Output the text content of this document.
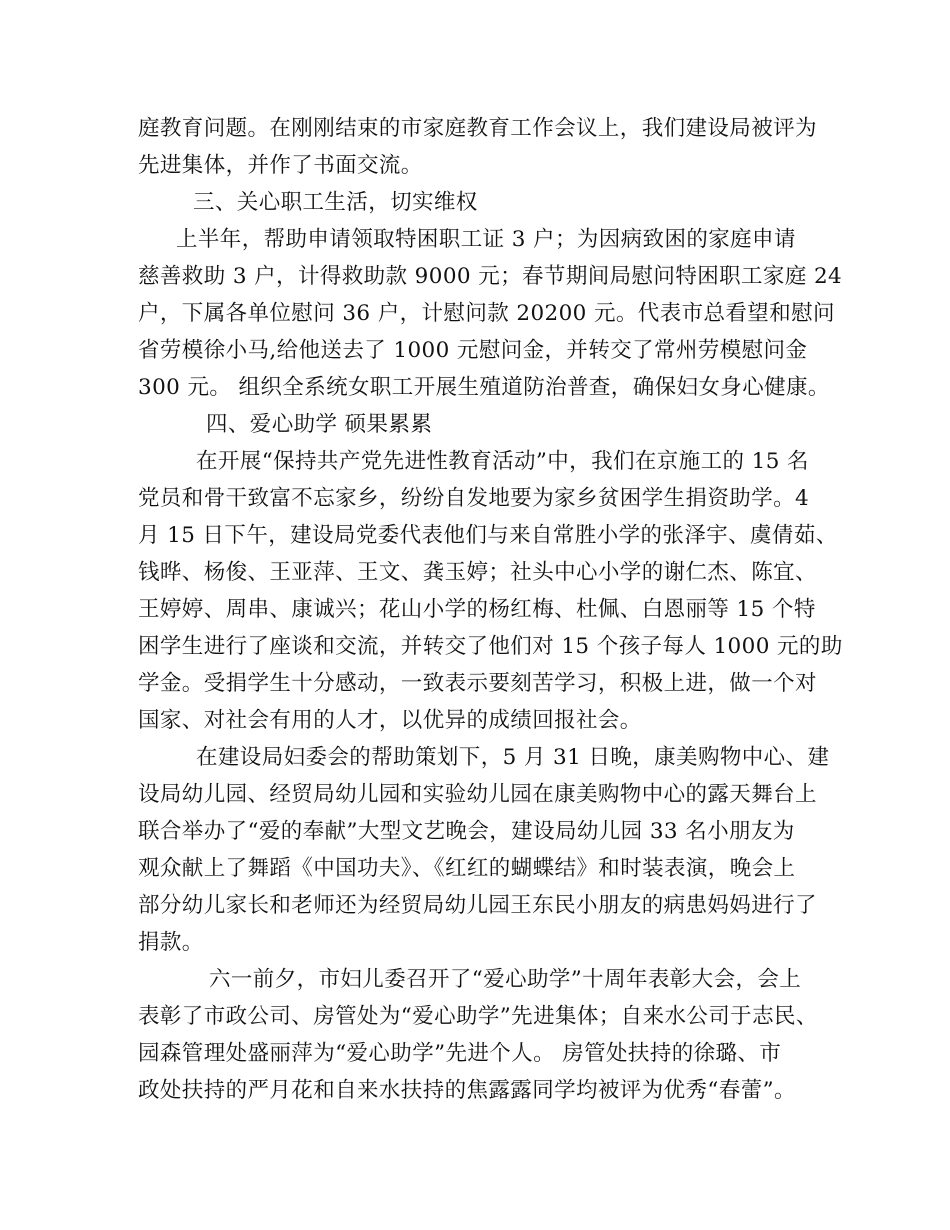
庭教育问题。在刚刚结束的市家庭教育工作会议上，我们建设局被评为
先进集体，并作了书面交流。
三、关心职工生活，切实维权
上半年，帮助申请领取特困职工证 3 户；为因病致困的家庭申请
慈善救助 3 户，计得救助款 9000 元；春节期间局慰问特困职工家庭 24
户，下属各单位慰问 36 户，计慰问款 20200 元。代表市总看望和慰问
省劳模徐小马,给他送去了 1000 元慰问金，并转交了常州劳模慰问金
300 元。 组织全系统女职工开展生殖道防治普查，确保妇女身心健康。
四、爱心助学 硕果累累
在开展“保持共产党先进性教育活动”中，我们在京施工的 15 名
党员和骨干致富不忘家乡，纷纷自发地要为家乡贫困学生捐资助学。4
月 15 日下午，建设局党委代表他们与来自常胜小学的张泽宇、虞倩茹、
钱晔、杨俊、王亚萍、王文、龚玉婷；社头中心小学的谢仁杰、陈宜、
王婷婷、周串、康诚兴；花山小学的杨红梅、杜佩、白恩丽等 15 个特
困学生进行了座谈和交流，并转交了他们对 15 个孩子每人 1000 元的助
学金。受捐学生十分感动，一致表示要刻苦学习，积极上进，做一个对
国家、对社会有用的人才，以优异的成绩回报社会。
在建设局妇委会的帮助策划下，5 月 31 日晚，康美购物中心、建
设局幼儿园、经贸局幼儿园和实验幼儿园在康美购物中心的露天舞台上
联合举办了“爱的奉献”大型文艺晚会，建设局幼儿园 33 名小朋友为
观众献上了舞蹈《中国功夫》、《红红的蝴蝶结》和时装表演，晚会上
部分幼儿家长和老师还为经贸局幼儿园王东民小朋友的病患妈妈进行了
捐款。
六一前夕，市妇儿委召开了“爱心助学”十周年表彰大会，会上
表彰了市政公司、房管处为“爱心助学”先进集体；自来水公司于志民、
园森管理处盛丽萍为“爱心助学”先进个人。 房管处扶持的徐璐、市
政处扶持的严月花和自来水扶持的焦露露同学均被评为优秀“春蕾”。
